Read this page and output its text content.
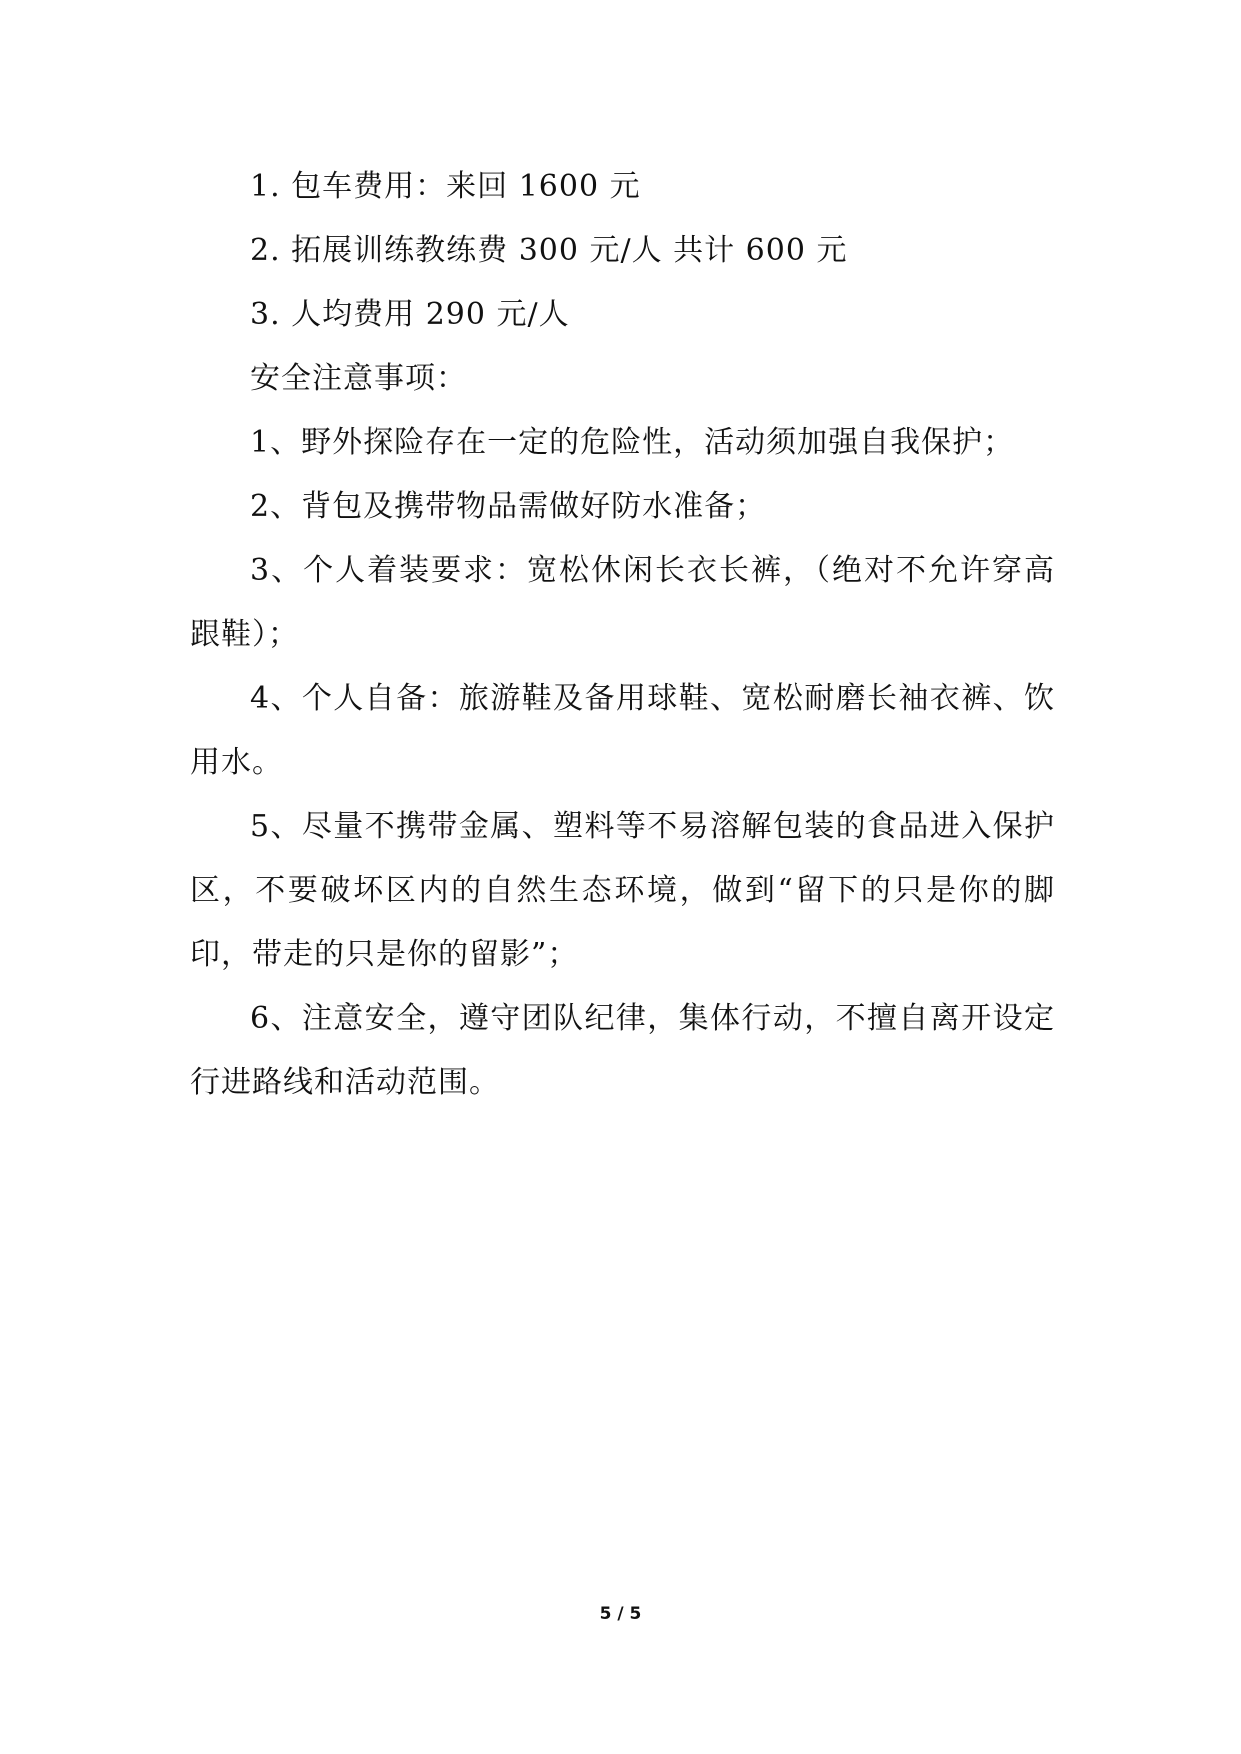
1. 包车费用：来回 1600 元

2. 拓展训练教练费 300 元/人 共计 600 元

3. 人均费用 290 元/人

安全注意事项：

1、野外探险存在一定的危险性，活动须加强自我保护；

2、背包及携带物品需做好防水准备；

3、个人着装要求：宽松休闲长衣长裤，（绝对不允许穿高跟鞋）；

4、个人自备：旅游鞋及备用球鞋、宽松耐磨长袖衣裤、饮用水。

5、尽量不携带金属、塑料等不易溶解包装的食品进入保护区，不要破坏区内的自然生态环境，做到“留下的只是你的脚印，带走的只是你的留影”；

6、注意安全，遵守团队纪律，集体行动，不擅自离开设定行进路线和活动范围。

5 / 5
